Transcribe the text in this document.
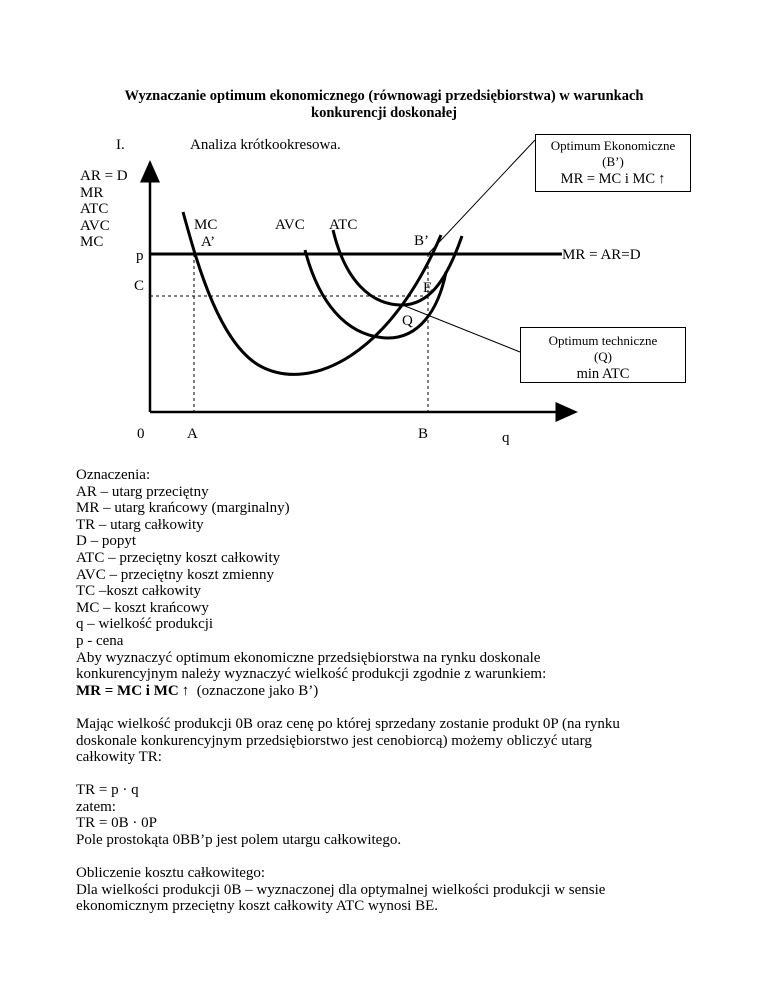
Wyznaczanie optimum ekonomicznego (równowagi przedsiębiorstwa) w warunkach
konkurencji doskonałej
I.	Analiza krótkookresowa.
AR = D
MR
ATC
AVC
MC
0	A	B	q
p
C
MR = AR=D
MC	AVC ATC
A’	B’
E
Q
Optimum Ekonomiczne
(B’)
MR = MC i MC ↑
Optimum techniczne
(Q)
min ATC
Oznaczenia:
AR – utarg przeciętny
MR – utarg krańcowy (marginalny)
TR – utarg całkowity
D – popyt
ATC – przeciętny koszt całkowity
AVC – przeciętny koszt zmienny
TC –koszt całkowity
MC – koszt krańcowy
q – wielkość produkcji
p - cena
Aby wyznaczyć optimum ekonomiczne przedsiębiorstwa na rynku doskonale
konkurencyjnym należy wyznaczyć wielkość produkcji zgodnie z warunkiem:
MR = MC i MC ↑ (oznaczone jako B’)
Mając wielkość produkcji 0B oraz cenę po której sprzedany zostanie produkt 0P (na rynku
doskonale konkurencyjnym przedsiębiorstwo jest cenobiorcą) możemy obliczyć utarg
całkowity TR:
TR = p · q
zatem:
TR = 0B · 0P
Pole prostokąta 0BB’p jest polem utargu całkowitego.
Obliczenie kosztu całkowitego:
Dla wielkości produkcji 0B – wyznaczonej dla optymalnej wielkości produkcji w sensie
ekonomicznym przeciętny koszt całkowity ATC wynosi BE.
